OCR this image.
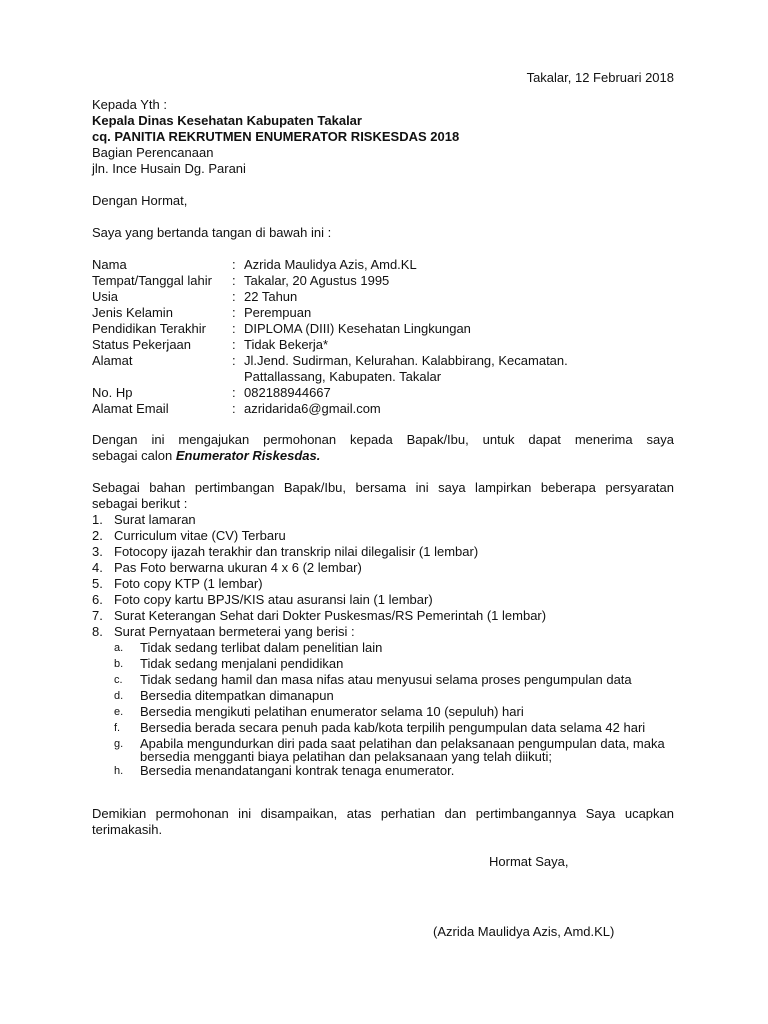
Takalar, 12 Februari 2018
Kepada Yth :
Kepala Dinas Kesehatan Kabupaten Takalar
cq. PANITIA REKRUTMEN ENUMERATOR RISKESDAS 2018
Bagian Perencanaan
jln. Ince Husain Dg. Parani
Dengan Hormat,
Saya yang bertanda tangan di bawah ini :
Nama	:	Azrida Maulidya Azis, Amd.KL
Tempat/Tanggal lahir	:	Takalar, 20 Agustus 1995
Usia	:	22 Tahun
Jenis Kelamin	:	Perempuan
Pendidikan Terakhir	:	DIPLOMA (DIII) Kesehatan Lingkungan
Status Pekerjaan	:	Tidak Bekerja*
Alamat	:	Jl.Jend. Sudirman, Kelurahan. Kalabbirang, Kecamatan.
Pattallassang, Kabupaten. Takalar

No. Hp	:	082188944667
Alamat Email	:	azridarida6@gmail.com
Dengan ini mengajukan permohonan kepada Bapak/Ibu, untuk dapat menerima saya
sebagai calon Enumerator Riskesdas.
Sebagai bahan pertimbangan Bapak/Ibu, bersama ini saya lampirkan beberapa persyaratan
sebagai berikut :
1. Surat lamaran
2. Curriculum vitae (CV) Terbaru
3. Fotocopy ijazah terakhir dan transkrip nilai dilegalisir (1 lembar)
4. Pas Foto berwarna ukuran 4 x 6 (2 lembar)
5. Foto copy KTP (1 lembar)
6. Foto copy kartu BPJS/KIS atau asuransi lain (1 lembar)
7. Surat Keterangan Sehat dari Dokter Puskesmas/RS Pemerintah (1 lembar)
8. Surat Pernyataan bermeterai yang berisi :
a.	Tidak sedang terlibat dalam penelitian lain
b.	Tidak sedang menjalani pendidikan
c.	Tidak sedang hamil dan masa nifas atau menyusui selama proses pengumpulan data
d.	Bersedia ditempatkan dimanapun
e.	Bersedia mengikuti pelatihan enumerator selama 10 (sepuluh) hari
f.	Bersedia berada secara penuh pada kab/kota terpilih pengumpulan data selama 42 hari
g.	Apabila mengundurkan diri pada saat pelatihan dan pelaksanaan pengumpulan data, maka bersedia mengganti biaya pelatihan dan pelaksanaan yang telah diikuti;
h.	Bersedia menandatangani kontrak tenaga enumerator.
Demikian permohonan ini disampaikan, atas perhatian dan pertimbangannya Saya ucapkan
terimakasih.
Hormat Saya,
(Azrida Maulidya Azis, Amd.KL)
